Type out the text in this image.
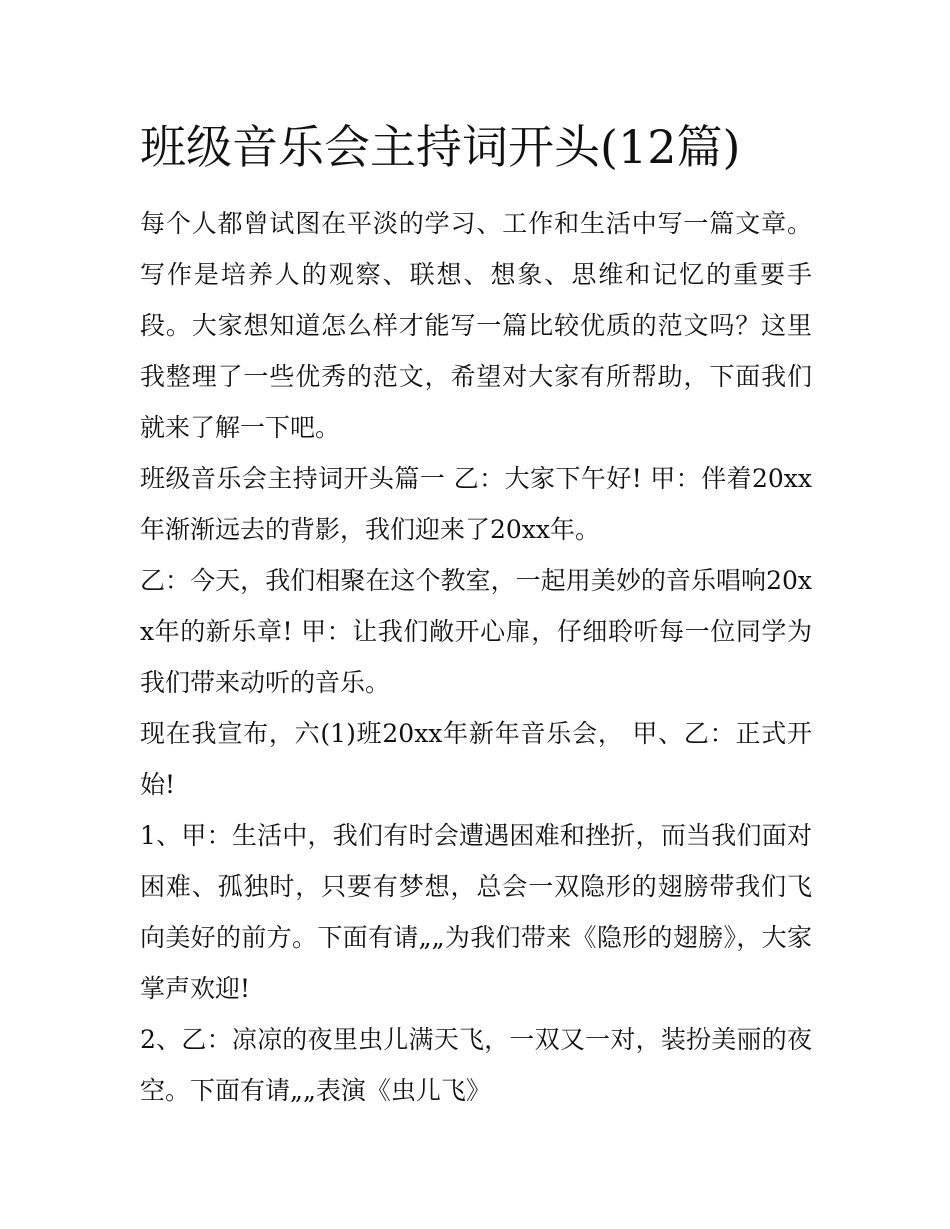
班级音乐会主持词开头(12篇)

每个人都曾试图在平淡的学习、工作和生活中写一篇文章。写作是培养人的观察、联想、想象、思维和记忆的重要手段。大家想知道怎么样才能写一篇比较优质的范文吗？这里我整理了一些优秀的范文，希望对大家有所帮助，下面我们就来了解一下吧。

班级音乐会主持词开头篇一 乙：大家下午好! 甲：伴着20xx年渐渐远去的背影，我们迎来了20xx年。

乙：今天，我们相聚在这个教室，一起用美妙的音乐唱响20xx年的新乐章! 甲：让我们敞开心扉，仔细聆听每一位同学为我们带来动听的音乐。

现在我宣布，六(1)班20xx年新年音乐会， 甲、乙：正式开始!

1、甲：生活中，我们有时会遭遇困难和挫折，而当我们面对困难、孤独时，只要有梦想，总会一双隐形的翅膀带我们飞向美好的前方。下面有请„„为我们带来《隐形的翅膀》，大家掌声欢迎!

2、乙：凉凉的夜里虫儿满天飞，一双又一对，装扮美丽的夜空。下面有请„„表演《虫儿飞》
